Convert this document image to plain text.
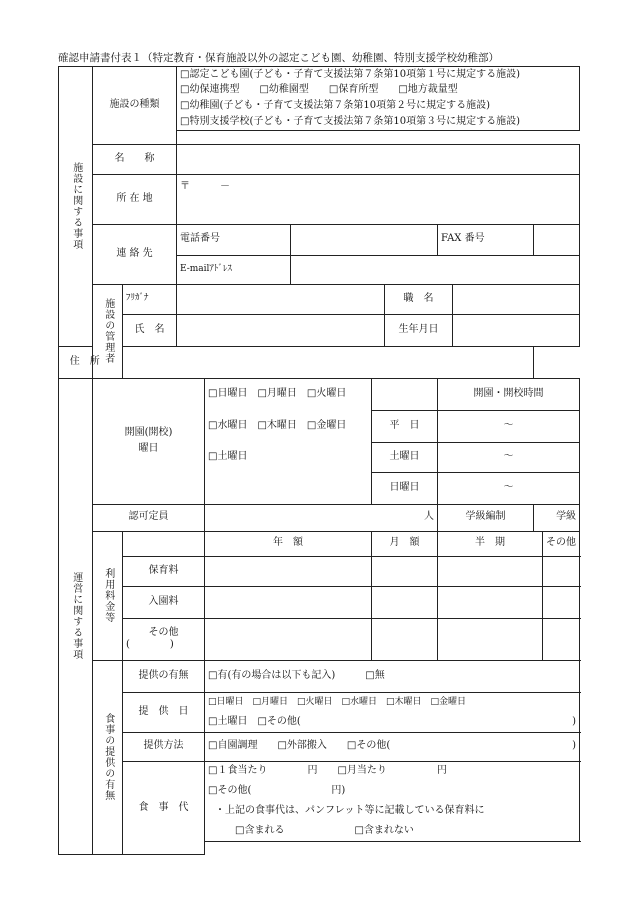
確認申請書付表１（特定教育・保育施設以外の認定こども園、幼稚園、特別支援学校幼稚部）
施設に関する事項	施設の種類		□認定こども園(子ども・子育て支援法第７条第10項第１号に規定する施設)								
			□幼保連携型　　□幼稚園型　　□保育所型　　□地方裁量型								
			□幼稚園(子ども・子育て支援法第７条第10項第２号に規定する施設)								
			□特別支援学校(子ども・子育て支援法第７条第10項第３号に規定する施設)								

	名　　称										
	所 在 地		〒　　　－								
	連 絡 先		電話番号					FAX 番号			
			E-mailｱﾄﾞﾚｽ								
	施設の管理者	ﾌﾘｶﾞﾅ					職　名				
		氏　名					生年月日				
住　所											
運営に関する事項	開園(開校)
曜日			□日曜日　□月曜日　□火曜日				開園・開校時間			
				□水曜日　□木曜日　□金曜日		平　日		～			
				□土曜日		土曜日		～			
						日曜日		～			
	認可定員			人				学級編制		学級	
	利用料金等			年　額		月　額		半　期			その他
		保育料									
		入園料									

		その他
(　　　　)									

	食事の提供の有無	提供の有無		□有(有の場合は以下も記入)　　　□無							
		提　供　日		□日曜日　□月曜日　□火曜日　□水曜日　□木曜日　□金曜日							
				□土曜日　□その他( )							

		提供方法		□自園調理　　□外部搬入　　□その他( )							

		食　事　代		□１食当たり　　　　円　　□月当たり　　　　　円							
				□その他(　　　　　　　　円)							
				・上記の食事代は、パンフレット等に記載している保育料に							
				□含まれる　　　　　　　□含まれない							
